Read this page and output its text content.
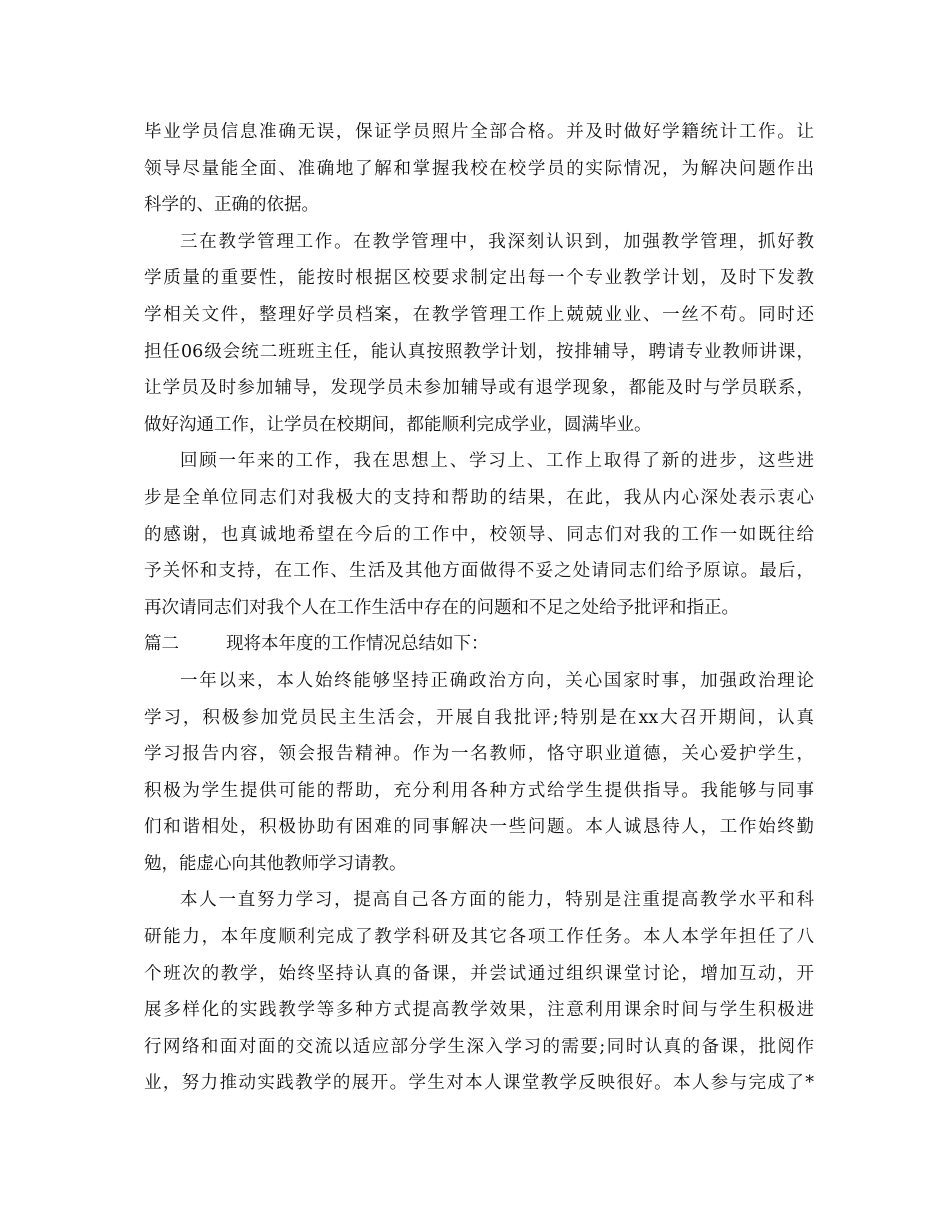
毕业学员信息准确无误，保证学员照片全部合格。并及时做好学籍统计工作。让
领导尽量能全面、准确地了解和掌握我校在校学员的实际情况，为解决问题作出
科学的、正确的依据。
三在教学管理工作。在教学管理中，我深刻认识到，加强教学管理，抓好教
学质量的重要性，能按时根据区校要求制定出每一个专业教学计划，及时下发教
学相关文件，整理好学员档案，在教学管理工作上兢兢业业、一丝不苟。同时还
担任06级会统二班班主任，能认真按照教学计划，按排辅导，聘请专业教师讲课，
让学员及时参加辅导，发现学员未参加辅导或有退学现象，都能及时与学员联系，
做好沟通工作，让学员在校期间，都能顺利完成学业，圆满毕业。
回顾一年来的工作，我在思想上、学习上、工作上取得了新的进步，这些进
步是全单位同志们对我极大的支持和帮助的结果，在此，我从内心深处表示衷心
的感谢，也真诚地希望在今后的工作中，校领导、同志们对我的工作一如既往给
予关怀和支持，在工作、生活及其他方面做得不妥之处请同志们给予原谅。最后，
再次请同志们对我个人在工作生活中存在的问题和不足之处给予批评和指正。
篇二	现将本年度的工作情况总结如下：
一年以来，本人始终能够坚持正确政治方向，关心国家时事，加强政治理论
学习，积极参加党员民主生活会，开展自我批评;特别是在xx大召开期间，认真
学习报告内容，领会报告精神。作为一名教师，恪守职业道德，关心爱护学生，
积极为学生提供可能的帮助，充分利用各种方式给学生提供指导。我能够与同事
们和谐相处，积极协助有困难的同事解决一些问题。本人诚恳待人，工作始终勤
勉，能虚心向其他教师学习请教。
本人一直努力学习，提高自己各方面的能力，特别是注重提高教学水平和科
研能力，本年度顺利完成了教学科研及其它各项工作任务。本人本学年担任了八
个班次的教学，始终坚持认真的备课，并尝试通过组织课堂讨论，增加互动，开
展多样化的实践教学等多种方式提高教学效果，注意利用课余时间与学生积极进
行网络和面对面的交流以适应部分学生深入学习的需要;同时认真的备课，批阅作
业，努力推动实践教学的展开。学生对本人课堂教学反映很好。本人参与完成了*
